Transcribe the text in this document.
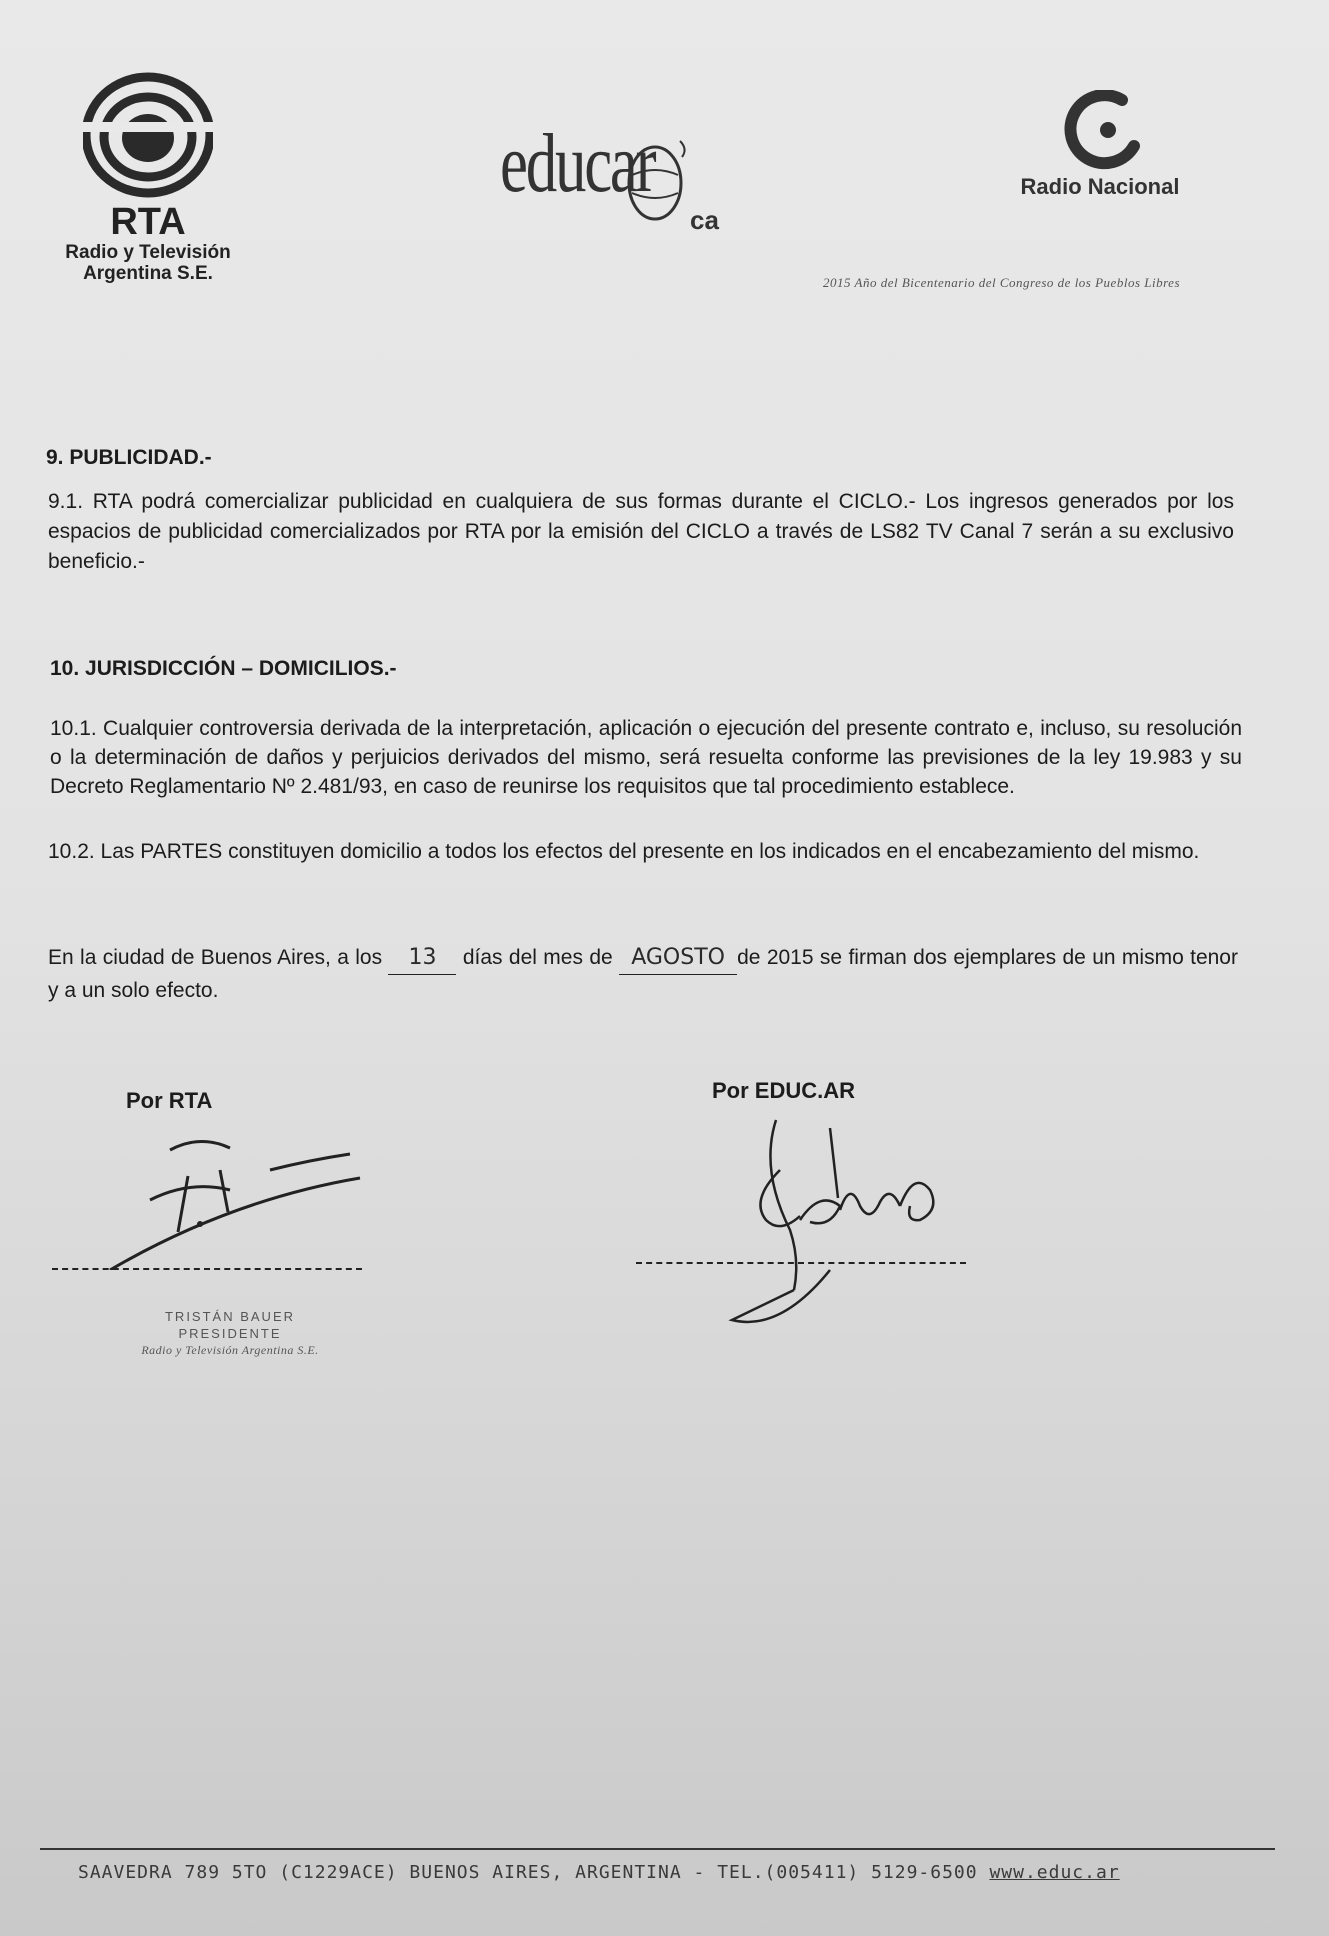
RTA
Radio y Televisión
Argentina S.E.
educar
ca
Radio Nacional
2015 Año del Bicentenario del Congreso de los Pueblos Libres

9. PUBLICIDAD.-

9.1. RTA podrá comercializar publicidad en cualquiera de sus formas durante el CICLO.- Los ingresos generados por los espacios de publicidad comercializados por RTA por la emisión del CICLO a través de LS82 TV Canal 7 serán a su exclusivo beneficio.-

10. JURISDICCIÓN – DOMICILIOS.-

10.1. Cualquier controversia derivada de la interpretación, aplicación o ejecución del presente contrato e, incluso, su resolución o la determinación de daños y perjuicios derivados del mismo, será resuelta conforme las previsiones de la ley 19.983 y su Decreto Reglamentario Nº 2.481/93, en caso de reunirse los requisitos que tal procedimiento establece.

10.2. Las PARTES constituyen domicilio a todos los efectos del presente en los indicados en el encabezamiento del mismo.

En la ciudad de Buenos Aires, a los 13 días del mes de AGOSTO de 2015 se firman dos ejemplares de un mismo tenor y a un solo efecto.

Por RTA	Por EDUC.AR
TRISTÁN BAUER
PRESIDENTE
Radio y Televisión Argentina S.E.
SAAVEDRA 789 5TO (C1229ACE) BUENOS AIRES, ARGENTINA - TEL.(005411) 5129-6500 www.educ.ar
